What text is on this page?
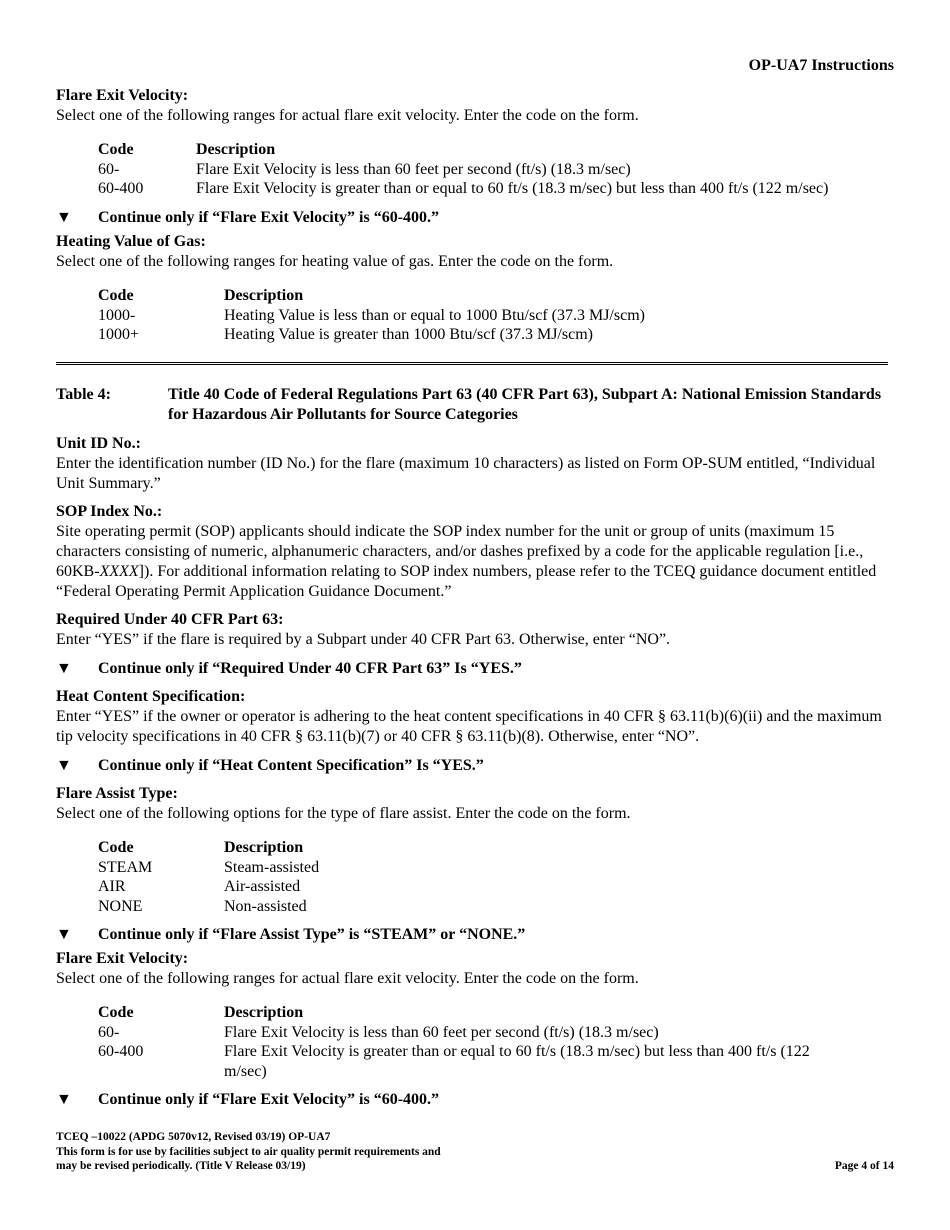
OP-UA7 Instructions
Flare Exit Velocity:
Select one of the following ranges for actual flare exit velocity. Enter the code on the form.
Code	Description
60-	Flare Exit Velocity is less than 60 feet per second (ft/s) (18.3 m/sec)
60-400	Flare Exit Velocity is greater than or equal to 60 ft/s (18.3 m/sec) but less than 400 ft/s (122 m/sec)
▼	Continue only if “Flare Exit Velocity” is “60-400.”
Heating Value of Gas:
Select one of the following ranges for heating value of gas. Enter the code on the form.
Code	Description
1000-	Heating Value is less than or equal to 1000 Btu/scf (37.3 MJ/scm)
1000+	Heating Value is greater than 1000 Btu/scf (37.3 MJ/scm)
Table 4:	Title 40 Code of Federal Regulations Part 63 (40 CFR Part 63), Subpart A: National Emission Standards for Hazardous Air Pollutants for Source Categories
Unit ID No.:
Enter the identification number (ID No.) for the flare (maximum 10 characters) as listed on Form OP-SUM entitled, “Individual Unit Summary.”
SOP Index No.:
Site operating permit (SOP) applicants should indicate the SOP index number for the unit or group of units (maximum 15 characters consisting of numeric, alphanumeric characters, and/or dashes prefixed by a code for the applicable regulation [i.e., 60KB-XXXX]). For additional information relating to SOP index numbers, please refer to the TCEQ guidance document entitled “Federal Operating Permit Application Guidance Document.”
Required Under 40 CFR Part 63:
Enter “YES” if the flare is required by a Subpart under 40 CFR Part 63. Otherwise, enter “NO”.
▼	Continue only if “Required Under 40 CFR Part 63” Is “YES.”
Heat Content Specification:
Enter “YES” if the owner or operator is adhering to the heat content specifications in 40 CFR § 63.11(b)(6)(ii) and the maximum tip velocity specifications in 40 CFR § 63.11(b)(7) or 40 CFR § 63.11(b)(8). Otherwise, enter “NO”.
▼	Continue only if “Heat Content Specification” Is “YES.”
Flare Assist Type:
Select one of the following options for the type of flare assist. Enter the code on the form.
Code	Description
STEAM	Steam-assisted
AIR	Air-assisted
NONE	Non-assisted
▼	Continue only if “Flare Assist Type” is “STEAM” or “NONE.”
Flare Exit Velocity:
Select one of the following ranges for actual flare exit velocity. Enter the code on the form.
Code	Description
60-	Flare Exit Velocity is less than 60 feet per second (ft/s) (18.3 m/sec)
60-400	Flare Exit Velocity is greater than or equal to 60 ft/s (18.3 m/sec) but less than 400 ft/s (122 m/sec)
▼	Continue only if “Flare Exit Velocity” is “60-400.”
TCEQ –10022 (APDG 5070v12, Revised 03/19) OP-UA7
This form is for use by facilities subject to air quality permit requirements and
may be revised periodically. (Title V Release 03/19)	Page 4 of 14
